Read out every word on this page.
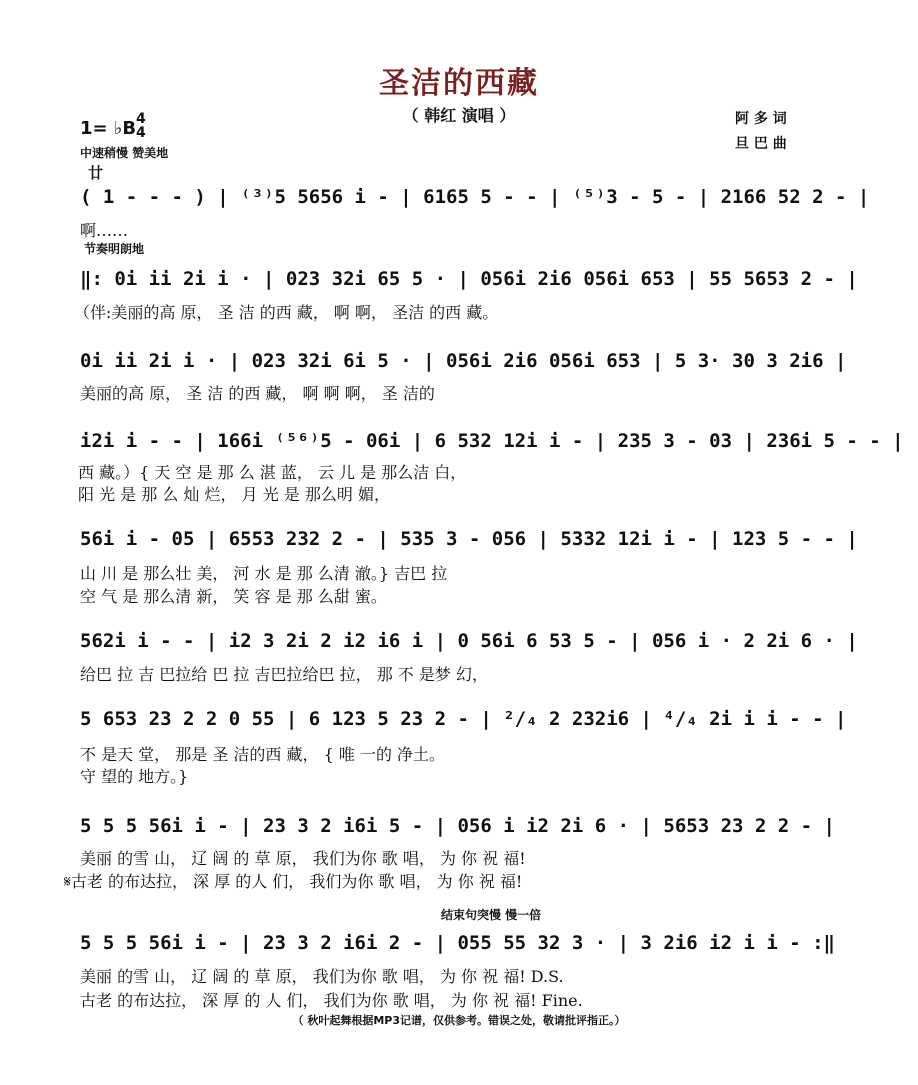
圣洁的西藏
（ 韩红 演唱 ）
1= ♭B 4
4
中速稍慢 赞美地
阿 多 词
旦 巴 曲
廿
节奏明朗地
结束句突慢 慢一倍
( 1 - - - ) | ⁽³⁾5 5656 i - | 6165 5 - - | ⁽⁵⁾3 - 5 - | 2166 52 2 - |
啊……
‖: 0i ii 2i i · | 023 32i 65 5 · | 056i 2i6 056i 653 | 55 5653 2 - |
（伴:美丽的高 原， 圣 洁 的西 藏， 啊 啊， 圣洁 的西 藏。
0i ii 2i i · | 023 32i 6i 5 · | 056i 2i6 056i 653 | 5 3· 30 3 2i6 |
美丽的高 原， 圣 洁 的西 藏， 啊 啊 啊， 圣 洁的
i2i i - - | 166i ⁽⁵⁶⁾5 - 06i | 6 532 12i i - | 235 3 - 03 | 236i 5 - - |
西 藏。）{ 天 空 是 那 么 湛 蓝， 云 儿 是 那么洁 白，
阳 光 是 那 么 灿 烂， 月 光 是 那么明 媚，
56i i - 05 | 6553 232 2 - | 535 3 - 056 | 5332 12i i - | 123 5 - - |
山 川 是 那么壮 美， 河 水 是 那 么清 澈。} 吉巴 拉
空 气 是 那么清 新， 笑 容 是 那 么甜 蜜。
562i i - - | i2 3 2i 2 i2 i6 i | 0 56i 6 53 5 - | 056 i · 2 2i 6 · |
给巴 拉 吉 巴拉给 巴 拉 吉巴拉给巴 拉， 那 不 是梦 幻，
5 653 23 2 2 0 55 | 6 123 5 23 2 - | ²/₄ 2 232i6 | ⁴/₄ 2i i i - - |
不 是天 堂， 那是 圣 洁的西 藏， { 唯 一的 净土。
守 望的 地方。}
5 5 5 56i i - | 23 3 2 i6i 5 - | 056 i i2 2i 6 · | 5653 23 2 2 - |
美丽 的雪 山， 辽 阔 的 草 原， 我们为你 歌 唱， 为 你 祝 福!
𝄋古老 的布达拉， 深 厚 的人 们， 我们为你 歌 唱， 为 你 祝 福!
5 5 5 56i i - | 23 3 2 i6i 2 - | 055 55 32 3 · | 3 2i6 i2 i i - :‖
美丽 的雪 山， 辽 阔 的 草 原， 我们为你 歌 唱， 为 你 祝 福! D.S.
古老 的布达拉， 深 厚 的 人 们， 我们为你 歌 唱， 为 你 祝 福! Fine.
（ 秋叶起舞根据MP3记谱，仅供参考。错误之处，敬请批评指正。）
